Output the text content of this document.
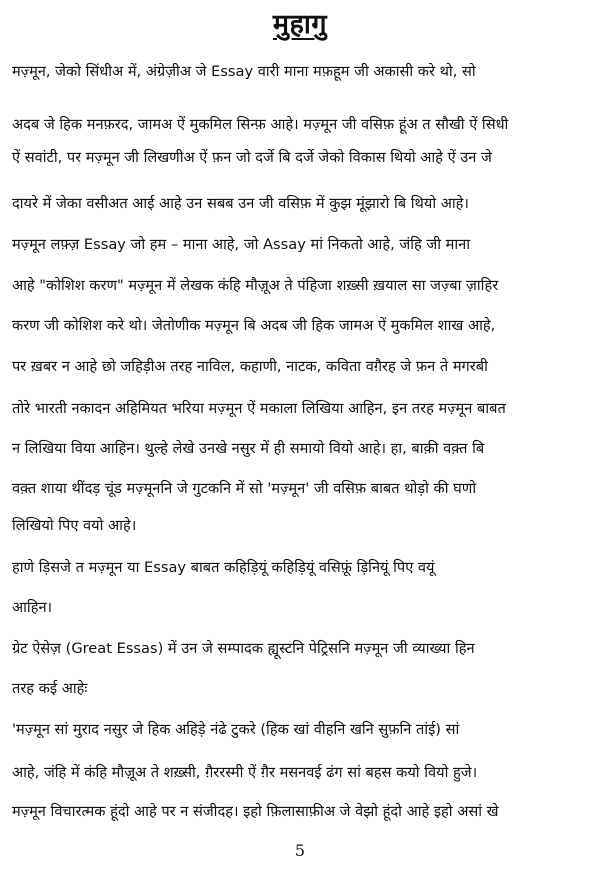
मुहागु
मज़्मून, जेको सिंधीअ में, अंग्रेज़ीअ जे Essay वारी माना मफ़हूम जी अकासी करे थो, सो
अदब जे हिक मनफ़रद, जामअ ऐं मुकमिल सिन्फ़ आहे। मज़्मून जी वसिफ़ हूंअ त सौखी ऐं सिधी
ऐं सवांटी, पर मज़्मून जी लिखणीअ ऐं फ़न जो दर्जे बि दर्जे जेको विकास थियो आहे ऐं उन जे
दायरे में जेका वसीअत आई आहे उन सबब उन जी वसिफ़ में कुझ मूंझारो बि थियो आहे।
मज़्मून लफ़्ज़ Essay जो हम – माना आहे, जो Assay मां निकतो आहे, जंहि जी माना
आहे "कोशिश करण" मज़्मून में लेखक कंहि मौज़ूअ ते पंहिजा शख़्सी ख़याल सा जज़्बा ज़ाहिर
करण जी कोशिश करे थो। जेतोणीक मज़्मून बि अदब जी हिक जामअ ऐं मुकमिल शाख आहे,
पर ख़बर न आहे छो जहिड़ीअ तरह नाविल, कहाणी, नाटक, कविता वग़ैरह जे फ़न ते मगरबी
तोरे भारती नकादन अहिमियत भरिया मज़्मून ऐं मकाला लिखिया आहिन, इन तरह मज़्मून बाबत
न लिखिया विया आहिन। थुल्हे लेखे उनखे नसुर में ही समायो वियो आहे। हा, बाक़ी वक़्त बि
वक़्त शाया थींदड़ चूंड मज़्मूननि जे गुटकनि में सो 'मज़्मून' जी वसिफ़ बाबत थोड़ो की घणो
लिखियो पिए वयो आहे।
हाणे ड़िसजे त मज़्मून या Essay बाबत कहिड़ियूं कहिड़ियूं वसिफ़ूं ड़िनियूं पिए वयूं
आहिन।
ग्रेट ऐसेज़ (Great Essas) में उन जे सम्पादक ह्यूस्टनि पेट्रिसनि मज़्मून जी व्याख्या हिन
तरह कई आहेः
'मज़्मून सां मुराद नसुर जे हिक अहिड़े नंढे टुकरे (हिक खां वीहनि खनि सुफ़नि तांई) सां
आहे, जंहि में कंहि मौज़ूअ ते शख़्सी, ग़ैररस्मी ऐं ग़ैर मसनवई ढंग सां बहस कयो वियो हुजे।
मज़्मून विचारत्मक हूंदो आहे पर न संजीदह। इहो फ़िलासाफ़ीअ जे वेझो हूंदो आहे इहो असां खे
5
